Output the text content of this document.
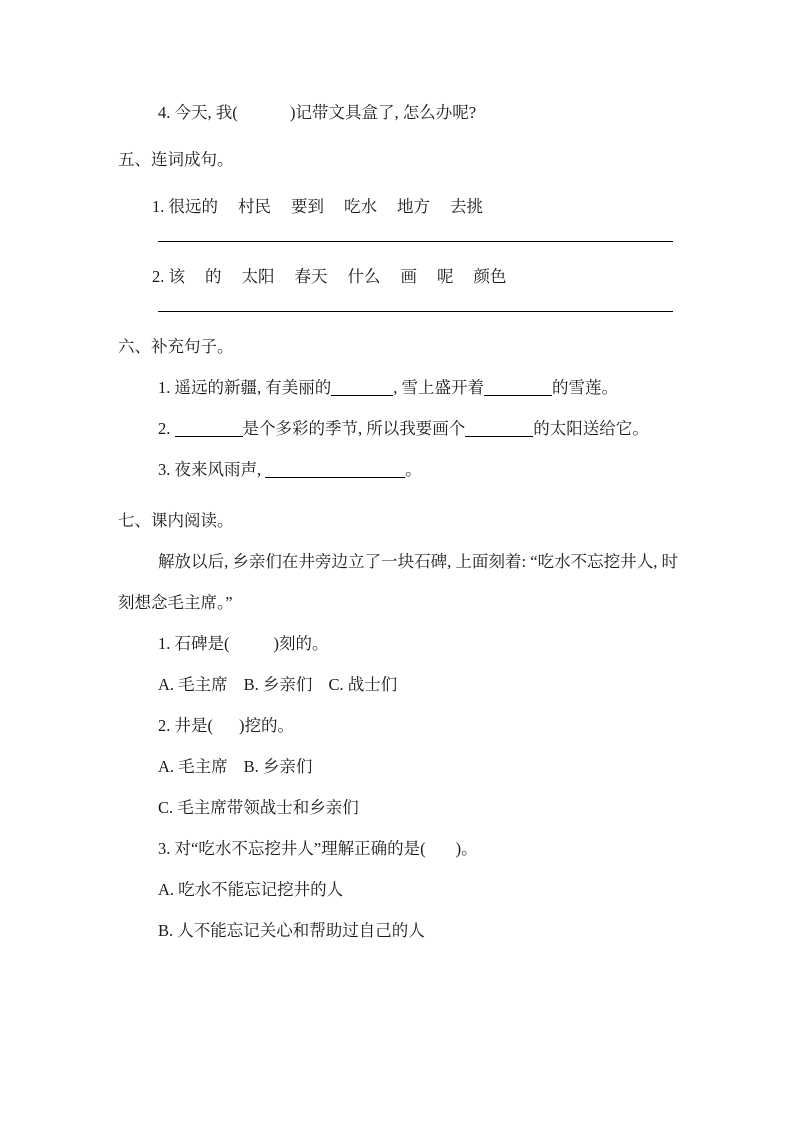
4. 今天, 我(	)记带文具盒了, 怎么办呢?
五、连词成句。
1. 很远的 村民 要到 吃水 地方 去挑
2. 该 的 太阳 春天 什么 画 呢 颜色
六、补充句子。
1. 遥远的新疆, 有美丽的	, 雪上盛开着	的雪莲。
2.	是个多彩的季节, 所以我要画个	的太阳送给它。
3. 夜来风雨声,	。
七、课内阅读。
解放以后, 乡亲们在井旁边立了一块石碑, 上面刻着: “吃水不忘挖井人, 时刻想念毛主席。”
1. 石碑是(	)刻的。
A. 毛主席 B. 乡亲们 C. 战士们
2. 井是( )挖的。
A. 毛主席 B. 乡亲们
C. 毛主席带领战士和乡亲们
3. 对“吃水不忘挖井人”理解正确的是( )。
A. 吃水不能忘记挖井的人
B. 人不能忘记关心和帮助过自己的人
